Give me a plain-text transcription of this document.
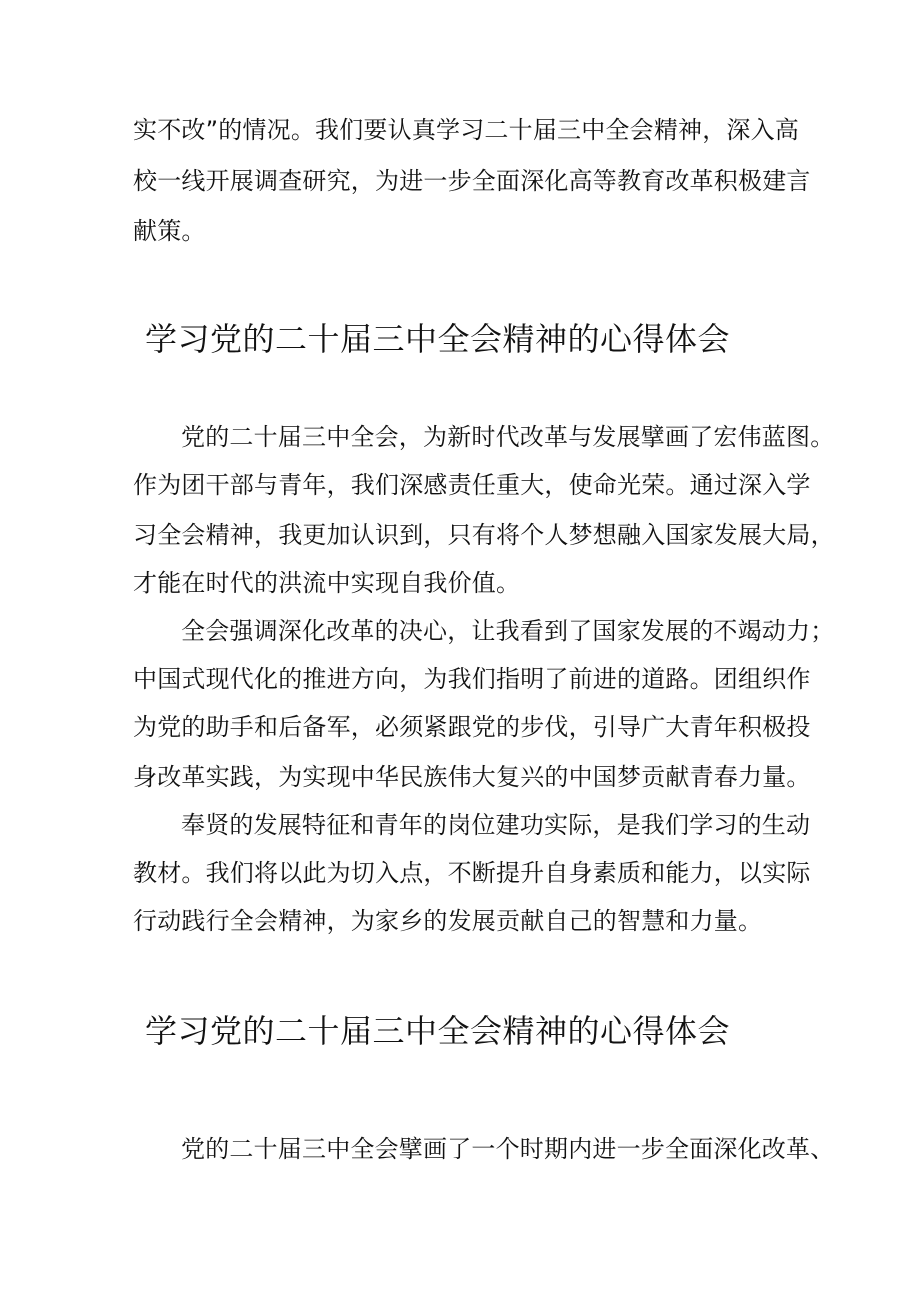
实不改”的情况。我们要认真学习二十届三中全会精神，深入高
校一线开展调查研究，为进一步全面深化高等教育改革积极建言
献策。
学习党的二十届三中全会精神的心得体会
党的二十届三中全会，为新时代改革与发展擘画了宏伟蓝图。
作为团干部与青年，我们深感责任重大，使命光荣。通过深入学
习全会精神，我更加认识到，只有将个人梦想融入国家发展大局，
才能在时代的洪流中实现自我价值。
全会强调深化改革的决心，让我看到了国家发展的不竭动力；
中国式现代化的推进方向，为我们指明了前进的道路。团组织作
为党的助手和后备军，必须紧跟党的步伐，引导广大青年积极投
身改革实践，为实现中华民族伟大复兴的中国梦贡献青春力量。
奉贤的发展特征和青年的岗位建功实际，是我们学习的生动
教材。我们将以此为切入点，不断提升自身素质和能力，以实际
行动践行全会精神，为家乡的发展贡献自己的智慧和力量。
学习党的二十届三中全会精神的心得体会
党的二十届三中全会擘画了一个时期内进一步全面深化改革、
